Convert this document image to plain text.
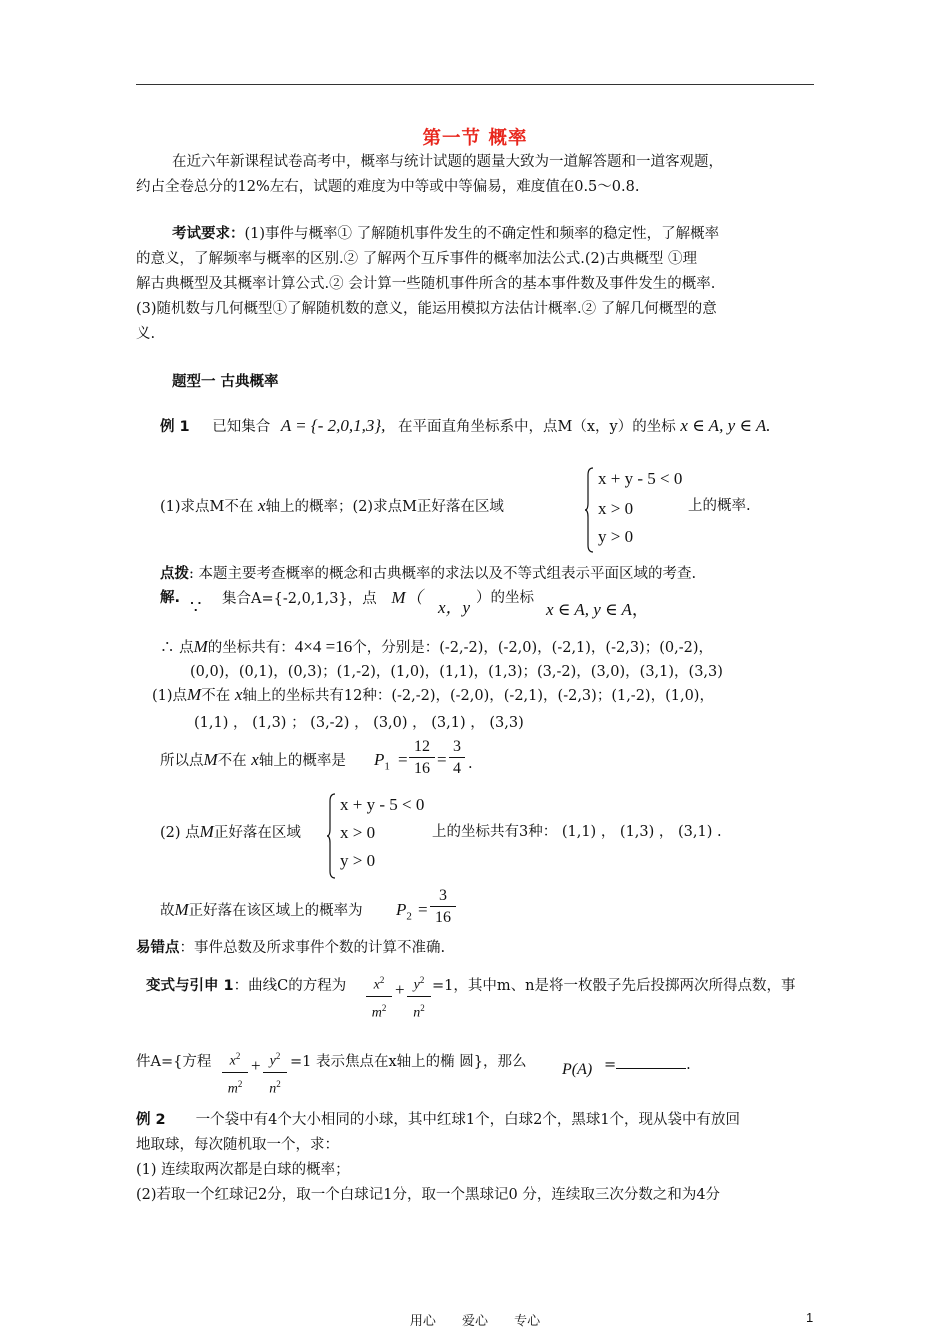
第一节 概率
在近六年新课程试卷高考中，概率与统计试题的题量大致为一道解答题和一道客观题，
约占全卷总分的12%左右，试题的难度为中等或中等偏易，难度值在0.5～0.8.
考试要求：(1)事件与概率① 了解随机事件发生的不确定性和频率的稳定性，了解概率
的意义，了解频率与概率的区别.② 了解两个互斥事件的概率加法公式.(2)古典概型 ①理
解古典概型及其概率计算公式.② 会计算一些随机事件所含的基本事件数及事件发生的概率.
(3)随机数与几何概型①了解随机数的意义，能运用模拟方法估计概率.② 了解几何概型的意
义.
题型一 古典概率
例 1 已知集合 A = {- 2,0,1,3}, 在平面直角坐标系中，点M（x，y）的坐标 x ∈ A, y ∈ A.
(1)求点M不在 x轴上的概率；(2)求点M正好落在区域
x + y - 5 < 0
x > 0
y > 0
上的概率.
点拨: 本题主要考查概率的概念和古典概率的求法以及不等式组表示平面区域的考查.
解. ∵ 集合A={-2,0,1,3}，点 M（
x，y ）的坐标
x ∈ A, y ∈ A，
∴ 点M的坐标共有：4×4 =16个，分别是：(-2,-2)，(-2,0)，(-2,1)，(-2,3)；(0,-2)，
(0,0)，(0,1)，(0,3)；(1,-2)，(1,0)，(1,1)，(1,3)；(3,-2)，(3,0)，(3,1)，(3,3)
(1)点M不在 x轴上的坐标共有12种：(-2,-2)，(-2,0)，(-2,1)，(-2,3)；(1,-2)，(1,0)，
(1,1) ， (1,3) ； (3,-2) ， (3,0) ， (3,1) ， (3,3)
所以点M不在 x轴上的概率是 $P_1 = \frac{12}{16} = \frac{3}{4}$ .
(2) 点M正好落在区域
x + y - 5 < 0
x > 0
y > 0
上的坐标共有3种： (1,1) ， (1,3) ， (3,1) .
故M正好落在该区域上的概率为 $P_2 = \frac{3}{16}$
易错点：事件总数及所求事件个数的计算不准确.
变式与引申 1：曲线C的方程为 $\frac{x^2}{m^2} + \frac{y^2}{n^2} =1$，其中m、n是将一枚骰子先后投掷两次所得点数，事
件A={方程 $\frac{x^2}{m^2} + \frac{y^2}{n^2} =1$ 表示焦点在x轴上的椭 圆}，那么 P(A) =	.
例 2 一个袋中有4个大小相同的小球，其中红球1个，白球2个，黑球1个，现从袋中有放回
地取球，每次随机取一个，求：
(1) 连续取两次都是白球的概率；
(2)若取一个红球记2分，取一个白球记1分，取一个黑球记0 分，连续取三次分数之和为4分
用心 爱心 专心	1
